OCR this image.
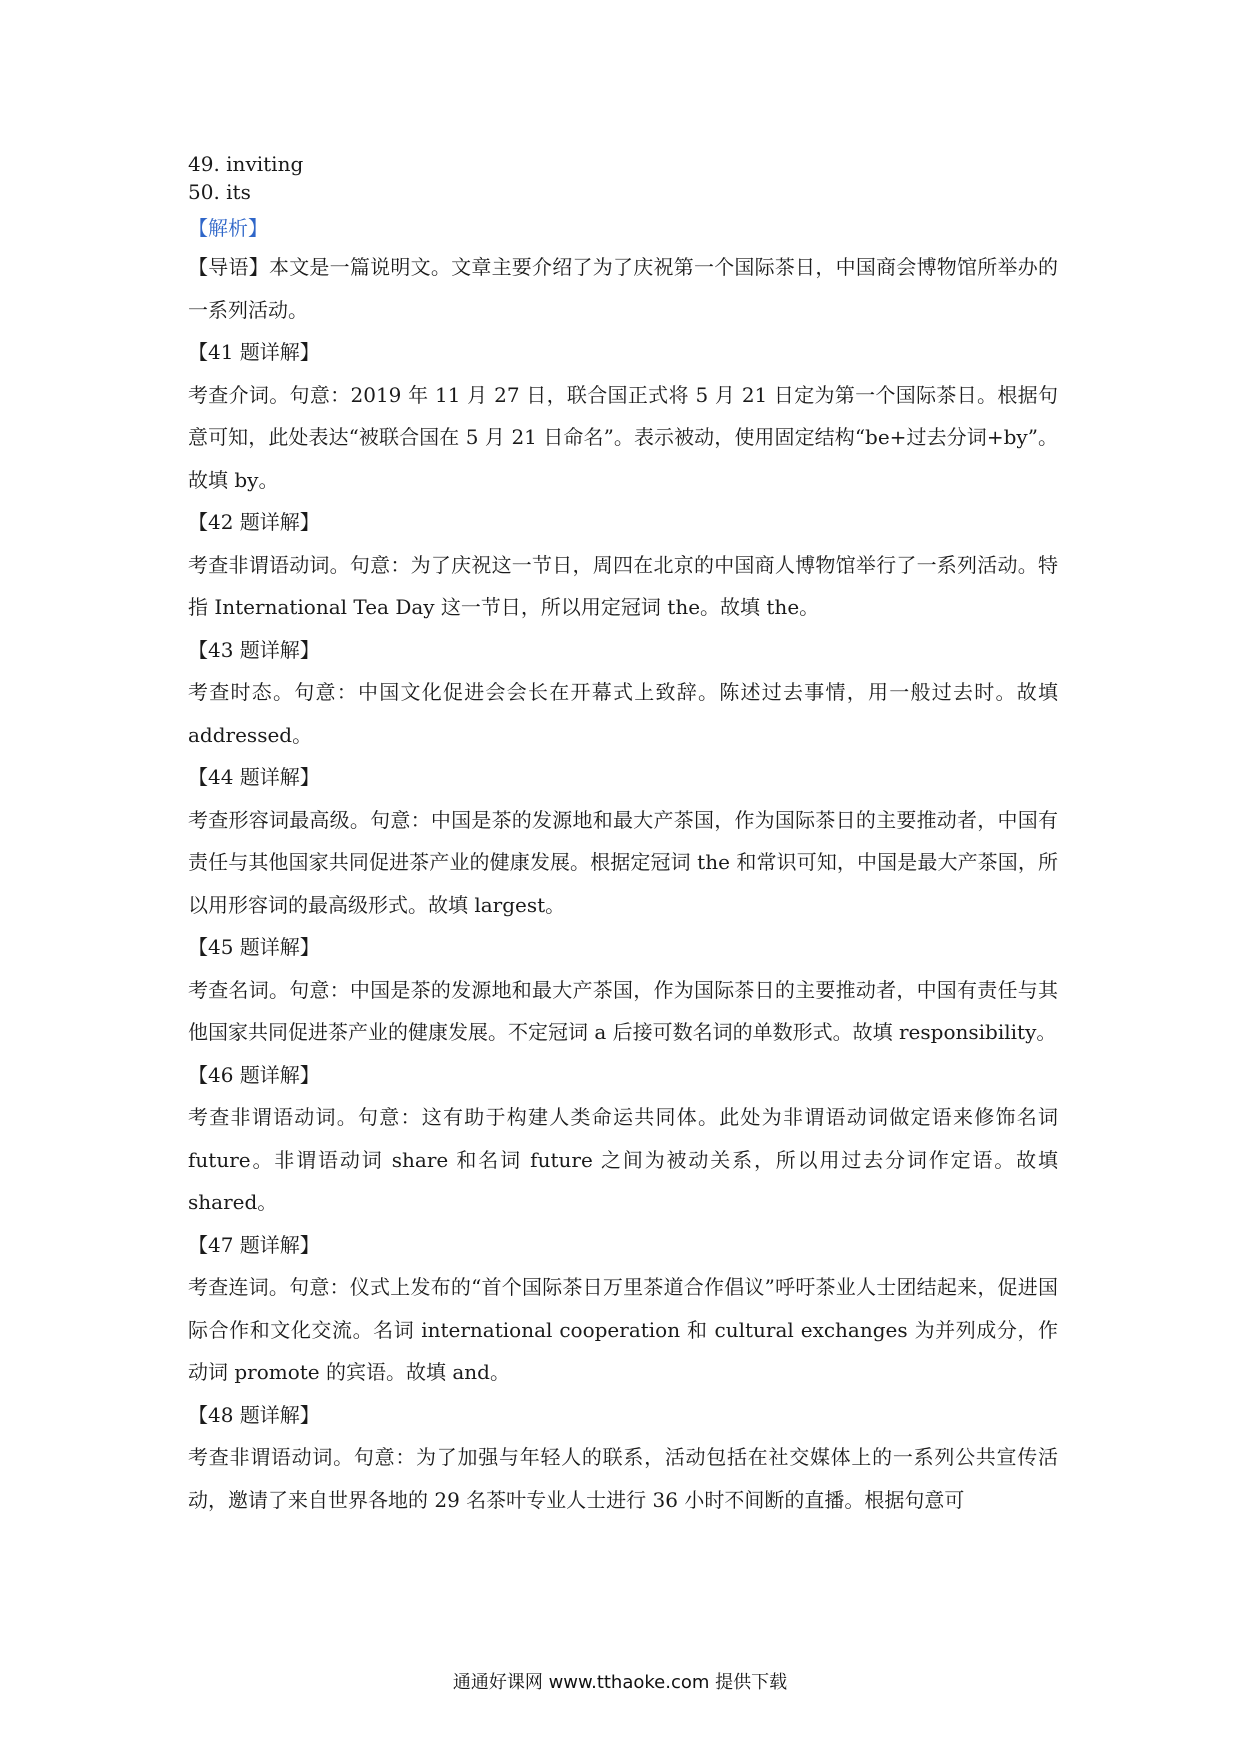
49. inviting
50. its
【解析】
【导语】本文是一篇说明文。文章主要介绍了为了庆祝第一个国际茶日，中国商会博物馆所举办的一系列活动。
【41 题详解】
考查介词。句意：2019 年 11 月 27 日，联合国正式将 5 月 21 日定为第一个国际茶日。根据句意可知，此处表达“被联合国在 5 月 21 日命名”。表示被动，使用固定结构“be+过去分词+by”。故填 by。
【42 题详解】
考查非谓语动词。句意：为了庆祝这一节日，周四在北京的中国商人博物馆举行了一系列活动。特指 International Tea Day 这一节日，所以用定冠词 the。故填 the。
【43 题详解】
考查时态。句意：中国文化促进会会长在开幕式上致辞。陈述过去事情，用一般过去时。故填 addressed。
【44 题详解】
考查形容词最高级。句意：中国是茶的发源地和最大产茶国，作为国际茶日的主要推动者，中国有责任与其他国家共同促进茶产业的健康发展。根据定冠词 the 和常识可知，中国是最大产茶国，所以用形容词的最高级形式。故填 largest。
【45 题详解】
考查名词。句意：中国是茶的发源地和最大产茶国，作为国际茶日的主要推动者，中国有责任与其他国家共同促进茶产业的健康发展。不定冠词 a 后接可数名词的单数形式。故填 responsibility。
【46 题详解】
考查非谓语动词。句意：这有助于构建人类命运共同体。此处为非谓语动词做定语来修饰名词 future。非谓语动词 share 和名词 future 之间为被动关系，所以用过去分词作定语。故填 shared。
【47 题详解】
考查连词。句意：仪式上发布的“首个国际茶日万里茶道合作倡议”呼吁茶业人士团结起来，促进国际合作和文化交流。名词 international cooperation 和 cultural exchanges 为并列成分，作动词 promote 的宾语。故填 and。
【48 题详解】
考查非谓语动词。句意：为了加强与年轻人的联系，活动包括在社交媒体上的一系列公共宣传活动，邀请了来自世界各地的 29 名茶叶专业人士进行 36 小时不间断的直播。根据句意可
通通好课网 www.tthaoke.com 提供下载
